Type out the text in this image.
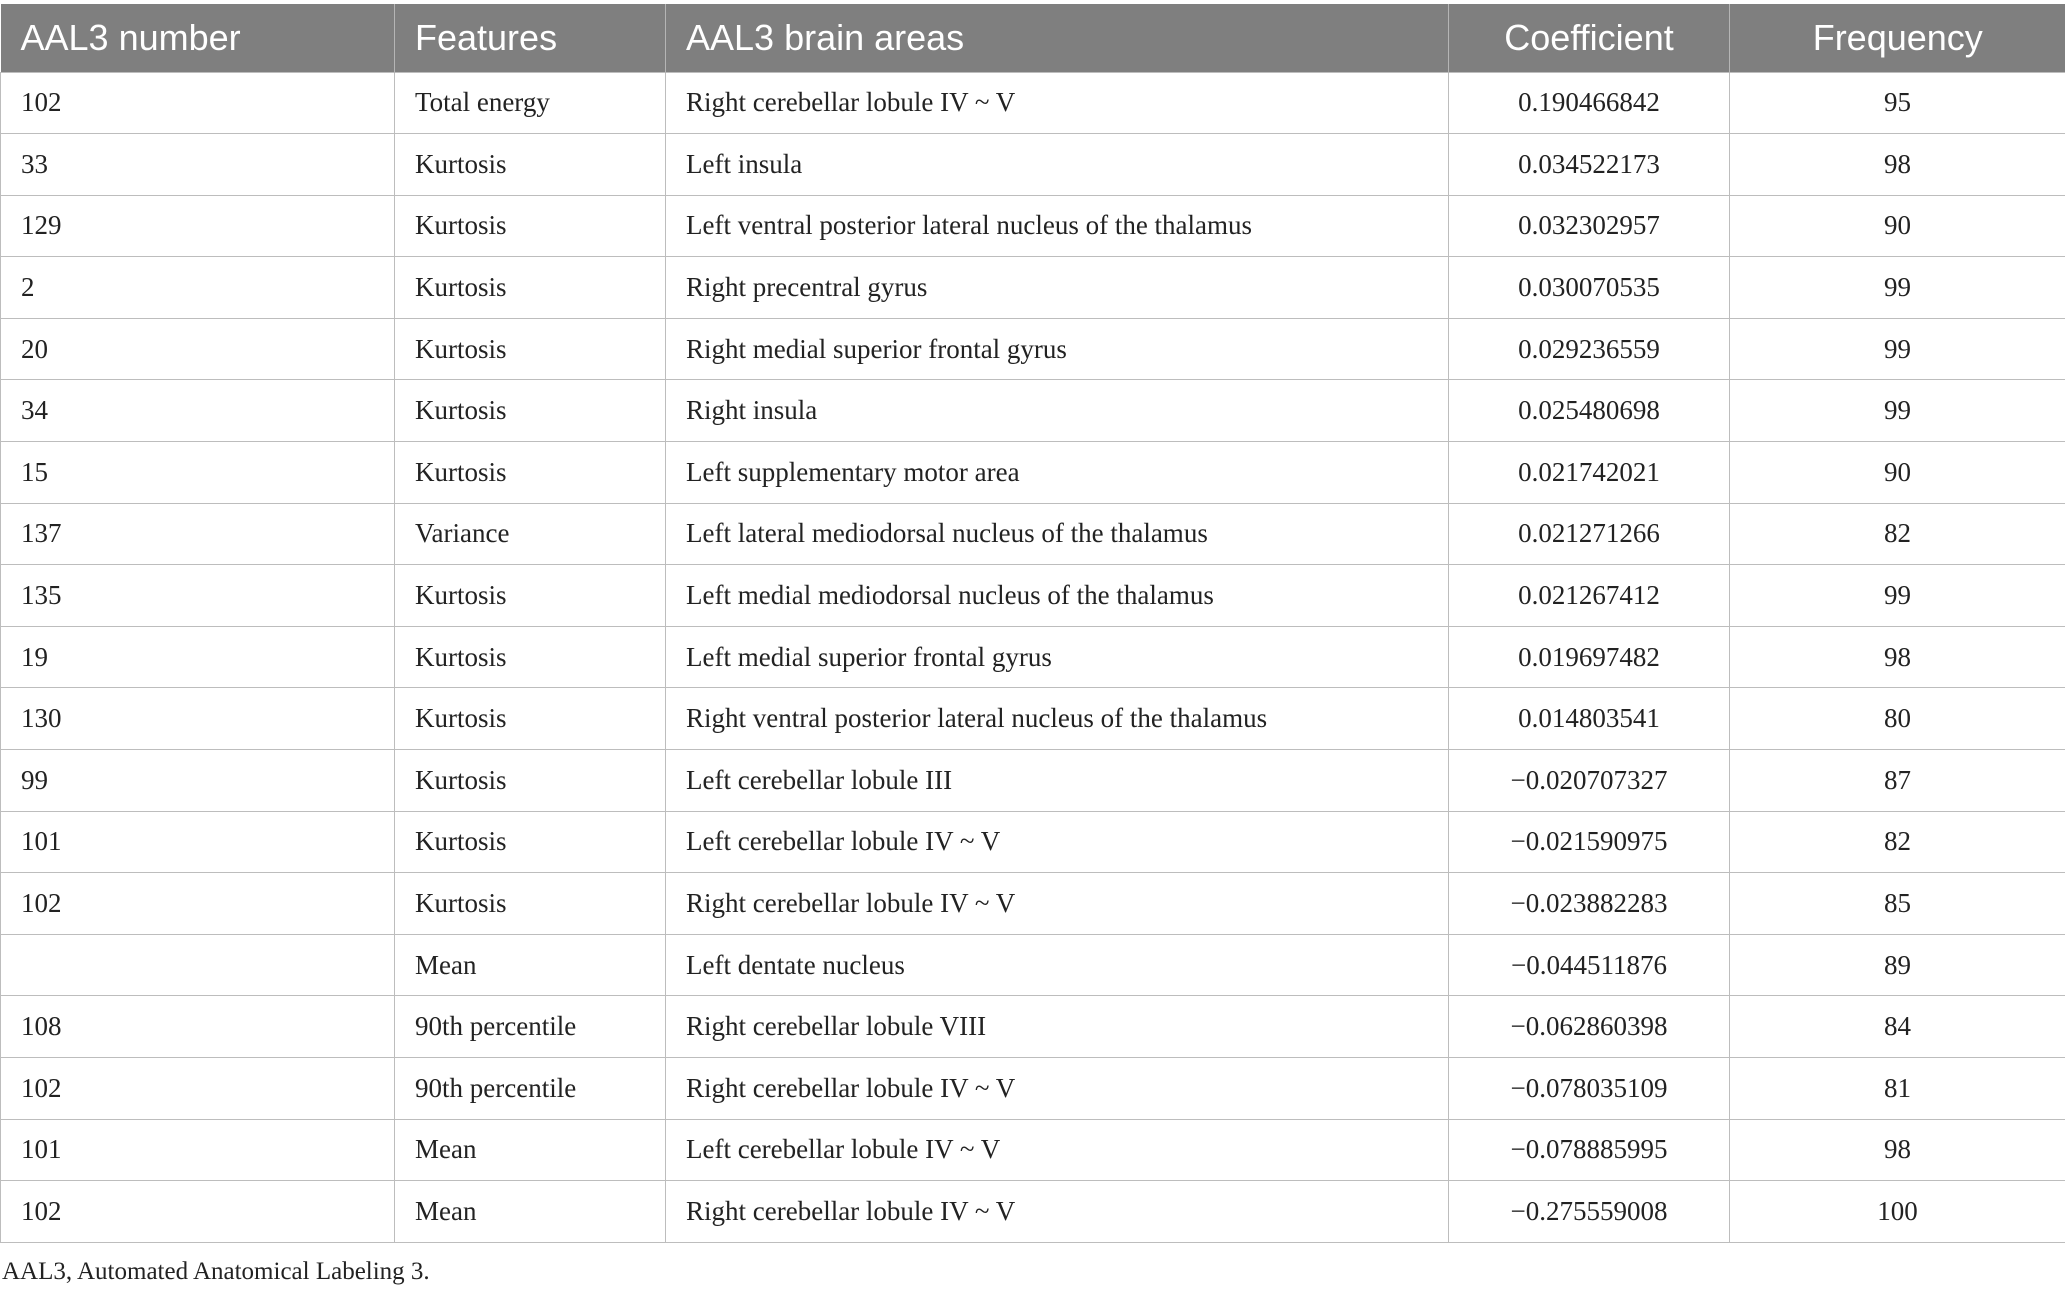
AAL3 number	Features	AAL3 brain areas	Coefficient	Frequency
102	Total energy	Right cerebellar lobule IV ~ V	0.190466842	95
33	Kurtosis	Left insula	0.034522173	98
129	Kurtosis	Left ventral posterior lateral nucleus of the thalamus	0.032302957	90
2	Kurtosis	Right precentral gyrus	0.030070535	99
20	Kurtosis	Right medial superior frontal gyrus	0.029236559	99
34	Kurtosis	Right insula	0.025480698	99
15	Kurtosis	Left supplementary motor area	0.021742021	90
137	Variance	Left lateral mediodorsal nucleus of the thalamus	0.021271266	82
135	Kurtosis	Left medial mediodorsal nucleus of the thalamus	0.021267412	99
19	Kurtosis	Left medial superior frontal gyrus	0.019697482	98
130	Kurtosis	Right ventral posterior lateral nucleus of the thalamus	0.014803541	80
99	Kurtosis	Left cerebellar lobule III	−0.020707327	87
101	Kurtosis	Left cerebellar lobule IV ~ V	−0.021590975	82
102	Kurtosis	Right cerebellar lobule IV ~ V	−0.023882283	85
	Mean	Left dentate nucleus	−0.044511876	89
108	90th percentile	Right cerebellar lobule VIII	−0.062860398	84
102	90th percentile	Right cerebellar lobule IV ~ V	−0.078035109	81
101	Mean	Left cerebellar lobule IV ~ V	−0.078885995	98
102	Mean	Right cerebellar lobule IV ~ V	−0.275559008	100
AAL3, Automated Anatomical Labeling 3.
